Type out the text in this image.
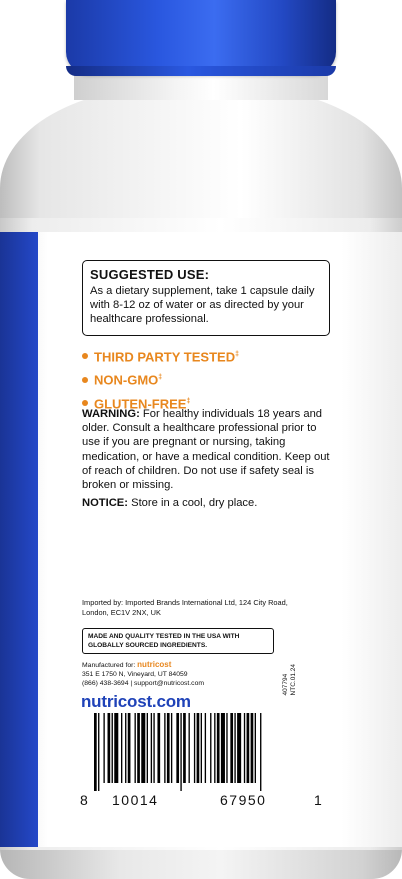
SUGGESTED USE:

As a dietary supplement, take 1 capsule daily with 8-12 oz of water or as directed by your healthcare professional.

THIRD PARTY TESTED‡
NON-GMO‡
GLUTEN-FREE‡

WARNING: For healthy individuals 18 years and older. Consult a healthcare professional prior to use if you are pregnant or nursing, taking medication, or have a medical condition. Keep out of reach of children. Do not use if safety seal is broken or missing.

NOTICE: Store in a cool, dry place.

Imported by: Imported Brands International Ltd, 124 City Road, London, EC1V 2NX, UK

MADE AND QUALITY TESTED IN THE USA WITH GLOBALLY SOURCED INGREDIENTS.
Manufactured for: nutricost
351 E 1750 N, Vineyard, UT 84059
(866) 438-3694 | support@nutricost.com
nutricost.com
407794 NTC.01.24
8 10014	67950	1
